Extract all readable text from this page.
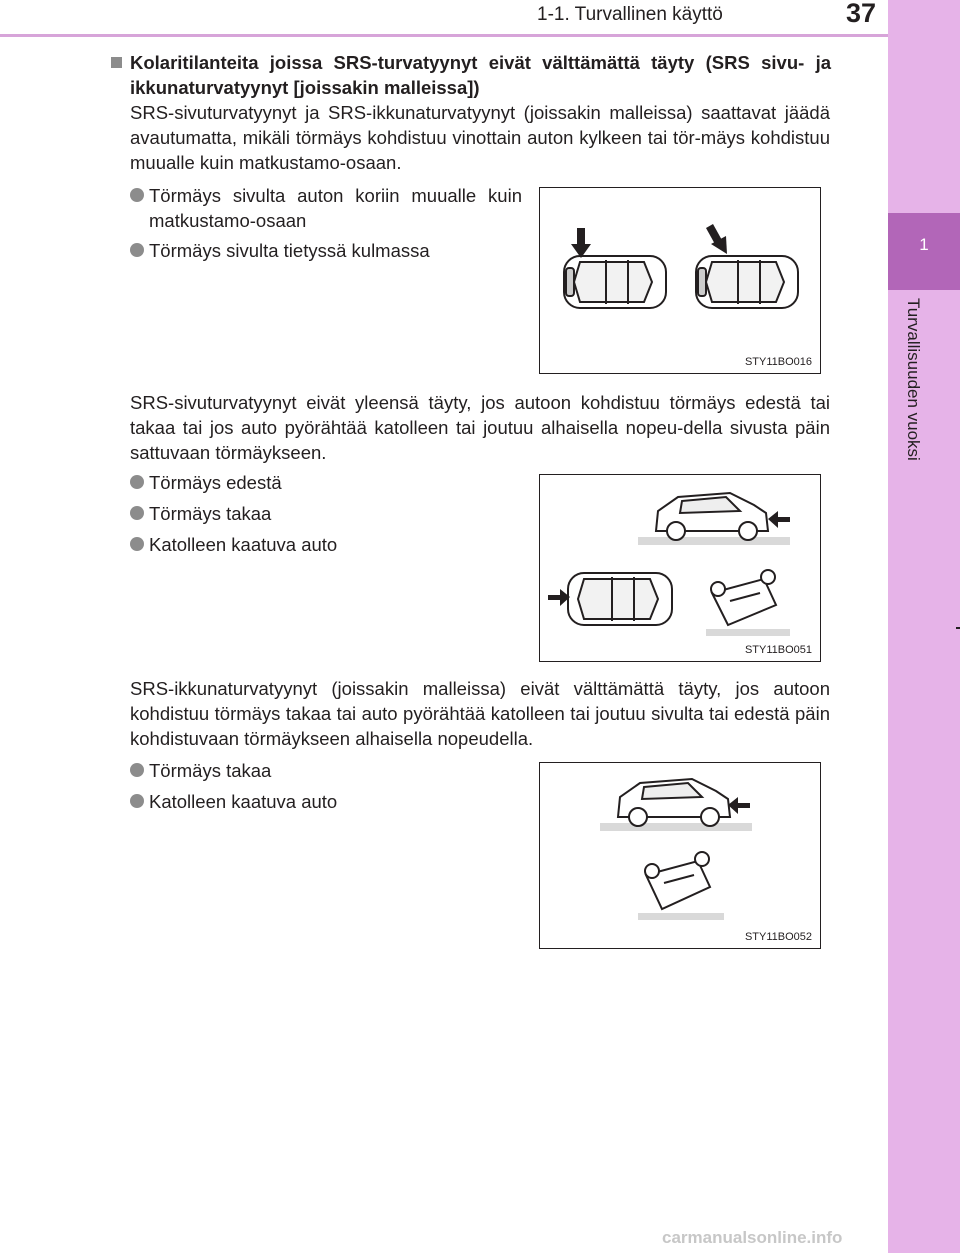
1-1. Turvallinen käyttö	37
1
Turvallisuuden vuoksi
Kolaritilanteita joissa SRS-turvatyynyt eivät välttämättä täyty (SRS sivu- ja ikkunaturvatyynyt [joissakin malleissa])
SRS-sivuturvatyynyt ja SRS-ikkunaturvatyynyt (joissakin malleissa) saattavat jäädä avautumatta, mikäli törmäys kohdistuu vinottain auton kylkeen tai tör-mäys kohdistuu muualle kuin matkustamo-osaan.
Törmäys sivulta auton koriin muualle kuin matkustamo-osaan
Törmäys sivulta tietyssä kulmassa
STY11BO016
SRS-sivuturvatyynyt eivät yleensä täyty, jos autoon kohdistuu törmäys edestä tai takaa tai jos auto pyörähtää katolleen tai joutuu alhaisella nopeu-della sivusta päin sattuvaan törmäykseen.
Törmäys edestä
Törmäys takaa
Katolleen kaatuva auto
STY11BO051
SRS-ikkunaturvatyynyt (joissakin malleissa) eivät välttämättä täyty, jos autoon kohdistuu törmäys takaa tai auto pyörähtää katolleen tai joutuu sivulta tai edestä päin kohdistuvaan törmäykseen alhaisella nopeudella.
Törmäys takaa
Katolleen kaatuva auto
STY11BO052
carmanualsonline.info
